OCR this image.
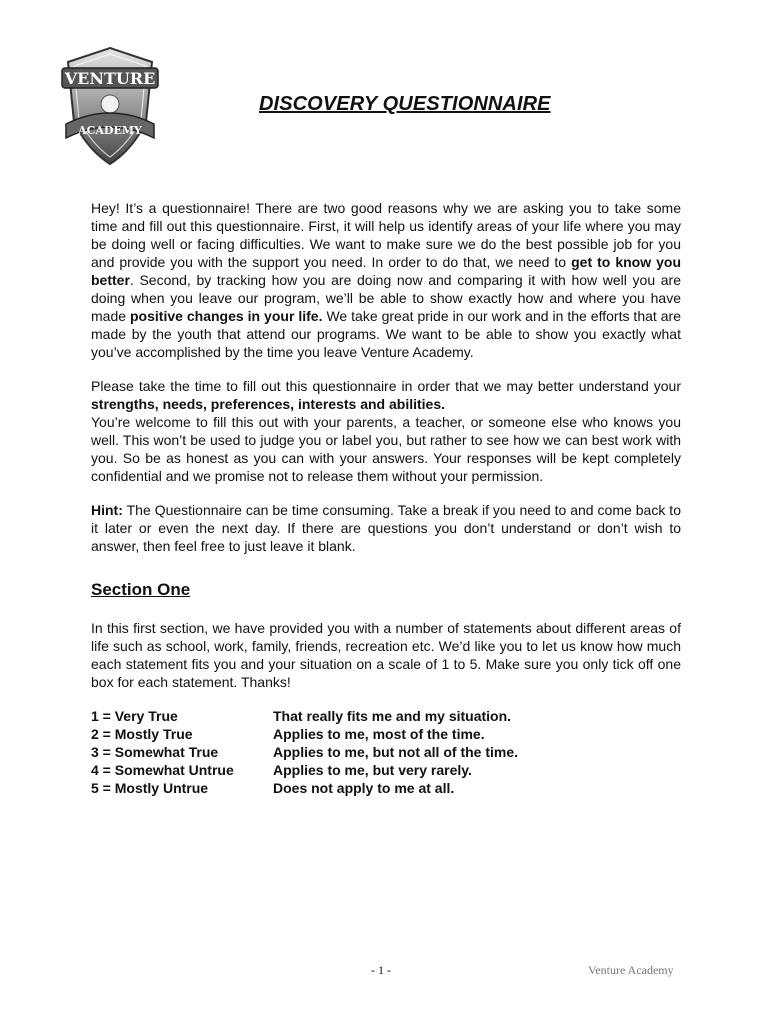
VENTURE
ACADEMY
DISCOVERY QUESTIONNAIRE

Hey! It’s a questionnaire! There are two good reasons why we are asking you to take some time and fill out this questionnaire. First, it will help us identify areas of your life where you may be doing well or facing difficulties. We want to make sure we do the best possible job for you and provide you with the support you need. In order to do that, we need to get to know you better. Second, by tracking how you are doing now and comparing it with how well you are doing when you leave our program, we’ll be able to show exactly how and where you have made positive changes in your life. We take great pride in our work and in the efforts that are made by the youth that attend our programs. We want to be able to show you exactly what you’ve accomplished by the time you leave Venture Academy.

Please take the time to fill out this questionnaire in order that we may better understand your strengths, needs, preferences, interests and abilities.

You’re welcome to fill this out with your parents, a teacher, or someone else who knows you well. This won’t be used to judge you or label you, but rather to see how we can best work with you. So be as honest as you can with your answers. Your responses will be kept completely confidential and we promise not to release them without your permission.

Hint: The Questionnaire can be time consuming. Take a break if you need to and come back to it later or even the next day. If there are questions you don’t understand or don’t wish to answer, then feel free to just leave it blank.

Section One

In this first section, we have provided you with a number of statements about different areas of life such as school, work, family, friends, recreation etc. We’d like you to let us know how much each statement fits you and your situation on a scale of 1 to 5. Make sure you only tick off one box for each statement. Thanks!

1 = Very True	That really fits me and my situation.
2 = Mostly True	Applies to me, most of the time.
3 = Somewhat True	Applies to me, but not all of the time.
4 = Somewhat Untrue	Applies to me, but very rarely.
5 = Mostly Untrue	Does not apply to me at all.
- 1 -	Venture Academy
